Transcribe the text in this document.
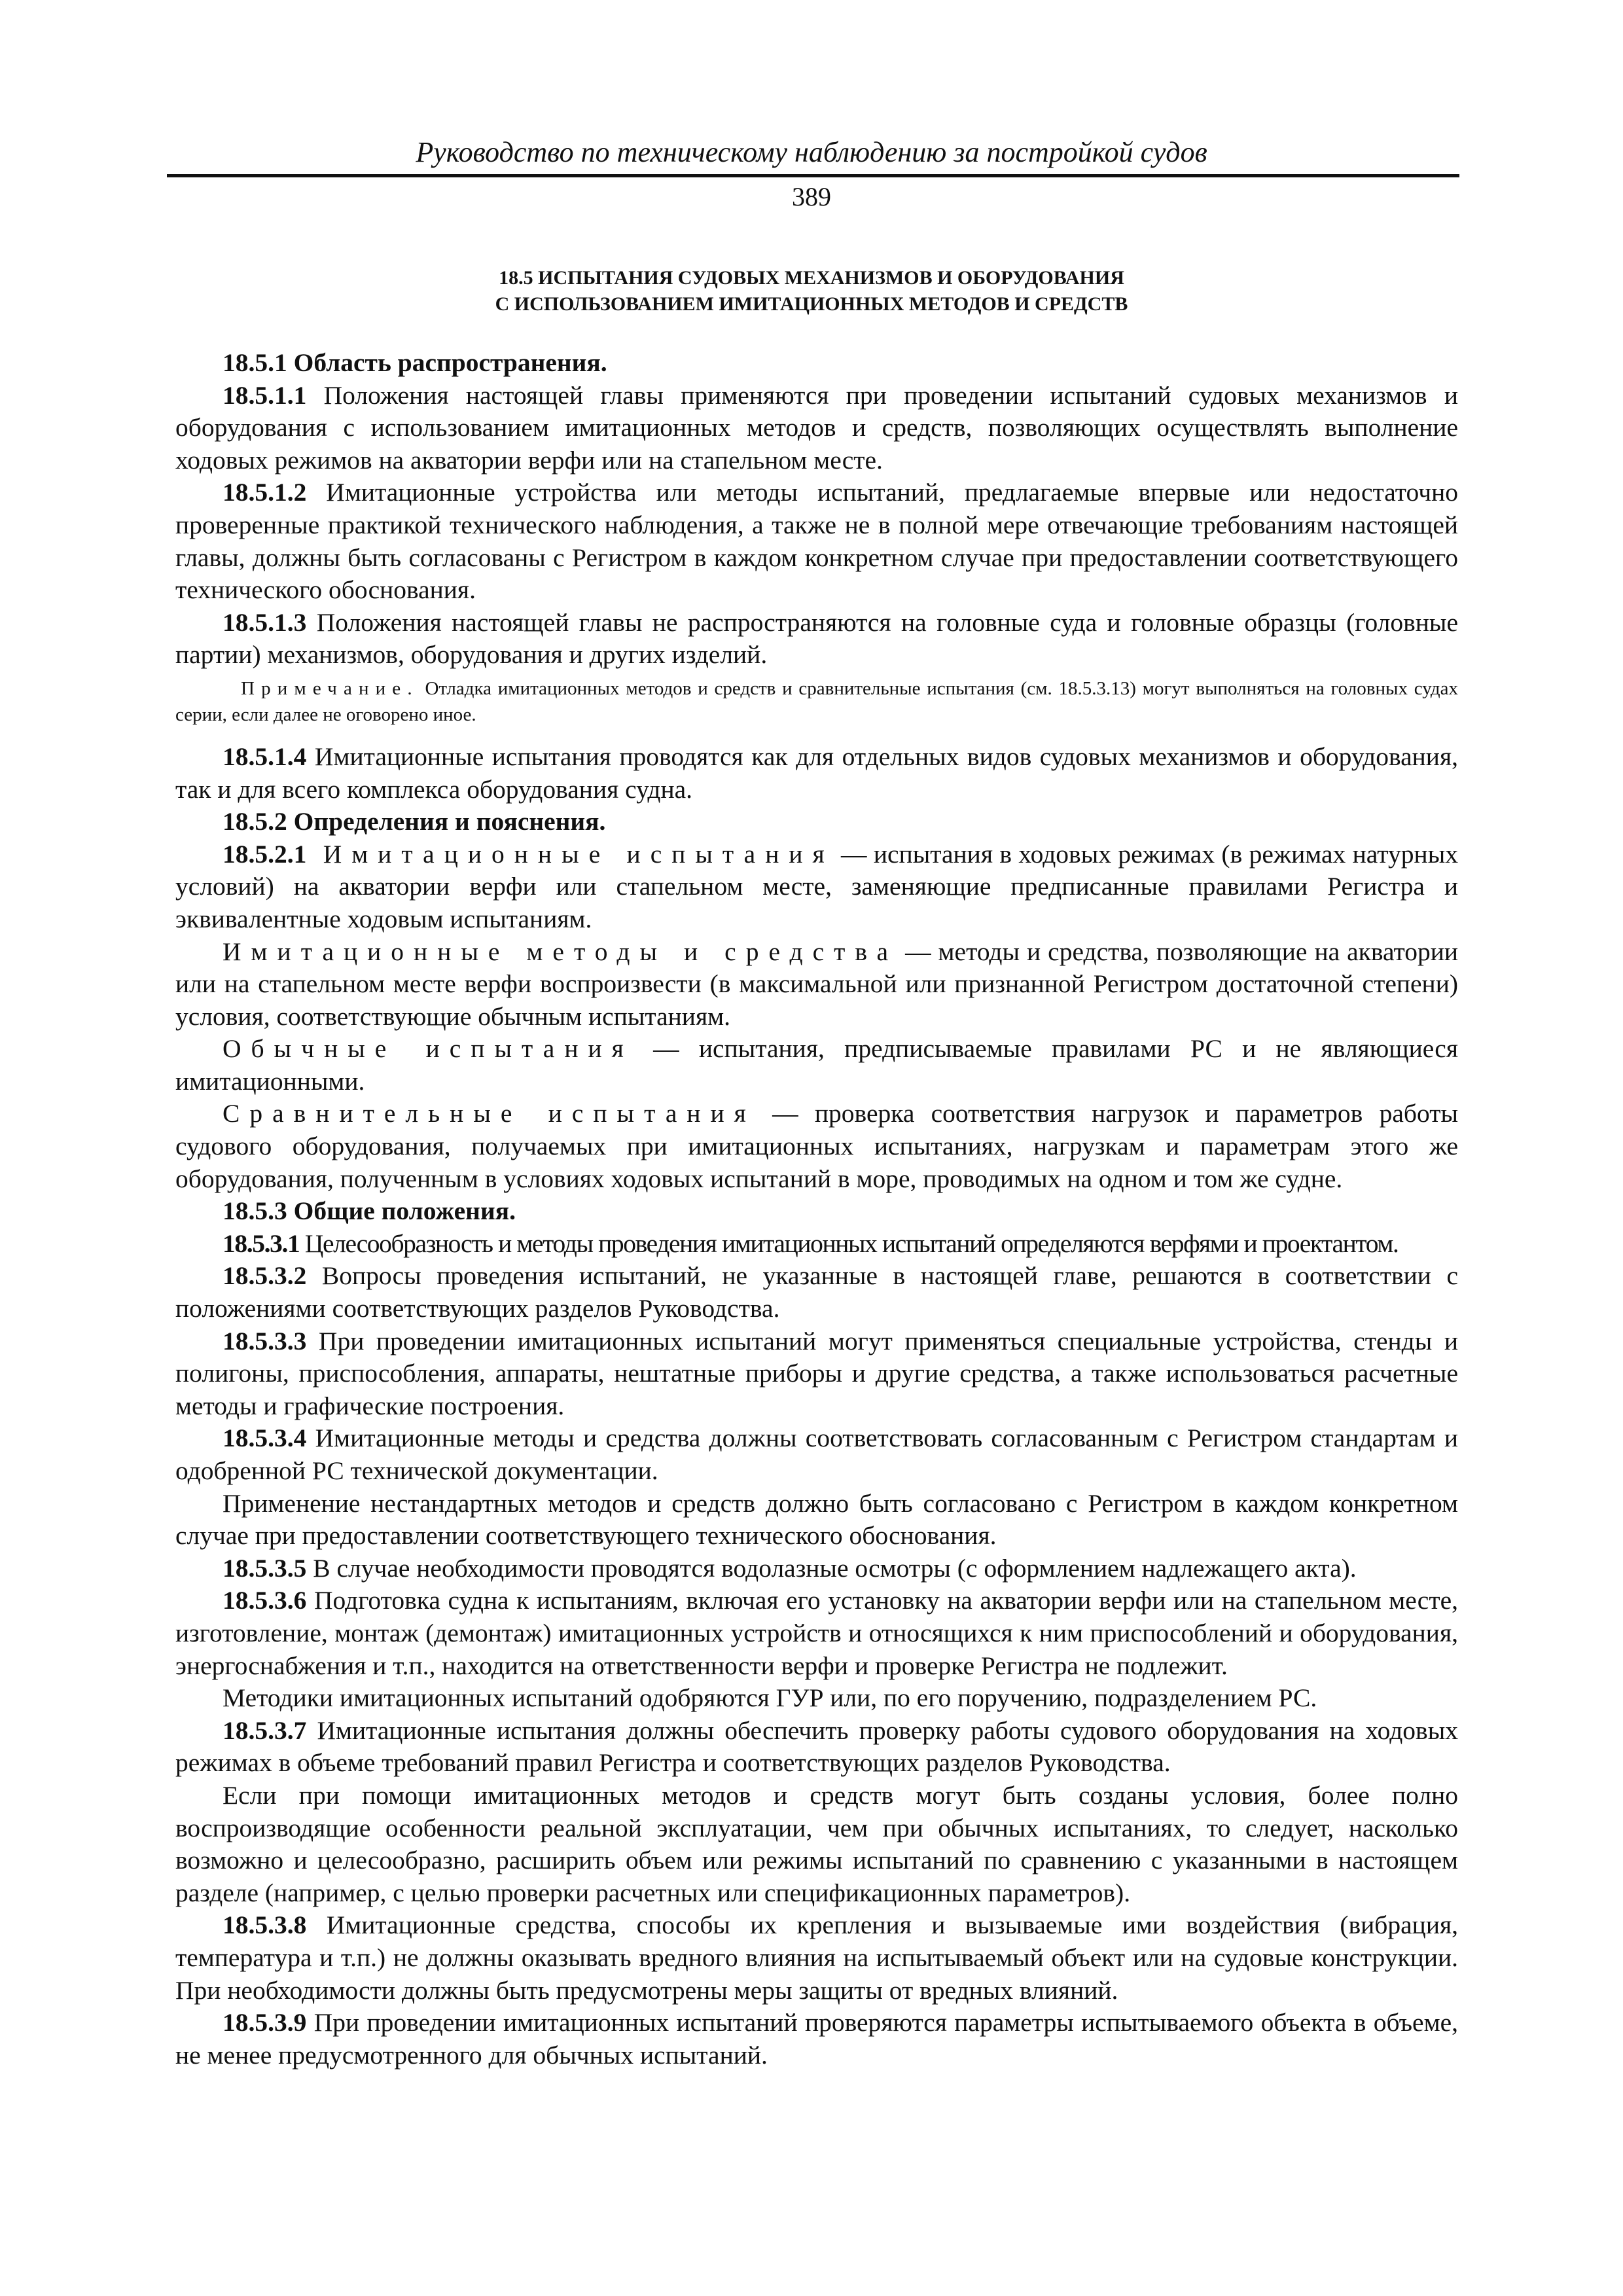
Руководство по техническому наблюдению за постройкой судов
389
18.5 ИСПЫТАНИЯ СУДОВЫХ МЕХАНИЗМОВ И ОБОРУДОВАНИЯ
С ИСПОЛЬЗОВАНИЕМ ИМИТАЦИОННЫХ МЕТОДОВ И СРЕДСТВ

18.5.1 Область распространения.

18.5.1.1 Положения настоящей главы применяются при проведении испытаний судовых механизмов и оборудования с использованием имитационных методов и средств, позволяющих осуществлять выполнение ходовых режимов на акватории верфи или на стапельном месте.

18.5.1.2 Имитационные устройства или методы испытаний, предлагаемые впервые или недостаточно проверенные практикой технического наблюдения, а также не в полной мере отвечающие требованиям настоящей главы, должны быть согласованы с Регистром в каждом конкретном случае при предоставлении соответствующего технического обоснования.

18.5.1.3 Положения настоящей главы не распространяются на головные суда и головные образцы (головные партии) механизмов, оборудования и других изделий.

Примечание. Отладка имитационных методов и средств и сравнительные испытания (см. 18.5.3.13) могут выполняться на головных судах серии, если далее не оговорено иное.

18.5.1.4 Имитационные испытания проводятся как для отдельных видов судовых механизмов и оборудования, так и для всего комплекса оборудования судна.

18.5.2 Определения и пояснения.

18.5.2.1 Имитационные испытания — испытания в ходовых режимах (в режимах натурных условий) на акватории верфи или стапельном месте, заменяющие предписанные правилами Регистра и эквивалентные ходовым испытаниям.

Имитационные методы и средства — методы и средства, позволяющие на акватории или на стапельном месте верфи воспроизвести (в максимальной или признанной Регистром достаточной степени) условия, соответствующие обычным испытаниям.

Обычные испытания — испытания, предписываемые правилами РС и не являющиеся имитационными.

Сравнительные испытания — проверка соответствия нагрузок и параметров работы судового оборудования, получаемых при имитационных испытаниях, нагрузкам и параметрам этого же оборудования, полученным в условиях ходовых испытаний в море, проводимых на одном и том же судне.

18.5.3 Общие положения.

18.5.3.1 Целесообразность и методы проведения имитационных испытаний определяются верфями и проектантом.

18.5.3.2 Вопросы проведения испытаний, не указанные в настоящей главе, решаются в соответствии с положениями соответствующих разделов Руководства.

18.5.3.3 При проведении имитационных испытаний могут применяться специальные устройства, стенды и полигоны, приспособления, аппараты, нештатные приборы и другие средства, а также использоваться расчетные методы и графические построения.

18.5.3.4 Имитационные методы и средства должны соответствовать согласованным с Регистром стандартам и одобренной РС технической документации.

Применение нестандартных методов и средств должно быть согласовано с Регистром в каждом конкретном случае при предоставлении соответствующего технического обоснования.

18.5.3.5 В случае необходимости проводятся водолазные осмотры (с оформлением надлежащего акта).

18.5.3.6 Подготовка судна к испытаниям, включая его установку на акватории верфи или на стапельном месте, изготовление, монтаж (демонтаж) имитационных устройств и относящихся к ним приспособлений и оборудования, энергоснабжения и т.п., находится на ответственности верфи и проверке Регистра не подлежит.

Методики имитационных испытаний одобряются ГУР или, по его поручению, подразделением РС.

18.5.3.7 Имитационные испытания должны обеспечить проверку работы судового оборудования на ходовых режимах в объеме требований правил Регистра и соответствующих разделов Руководства.

Если при помощи имитационных методов и средств могут быть созданы условия, более полно воспроизводящие особенности реальной эксплуатации, чем при обычных испытаниях, то следует, насколько возможно и целесообразно, расширить объем или режимы испытаний по сравнению с указанными в настоящем разделе (например, с целью проверки расчетных или спецификационных параметров).

18.5.3.8 Имитационные средства, способы их крепления и вызываемые ими воздействия (вибрация, температура и т.п.) не должны оказывать вредного влияния на испытываемый объект или на судовые конструкции. При необходимости должны быть предусмотрены меры защиты от вредных влияний.

18.5.3.9 При проведении имитационных испытаний проверяются параметры испытываемого объекта в объеме, не менее предусмотренного для обычных испытаний.
